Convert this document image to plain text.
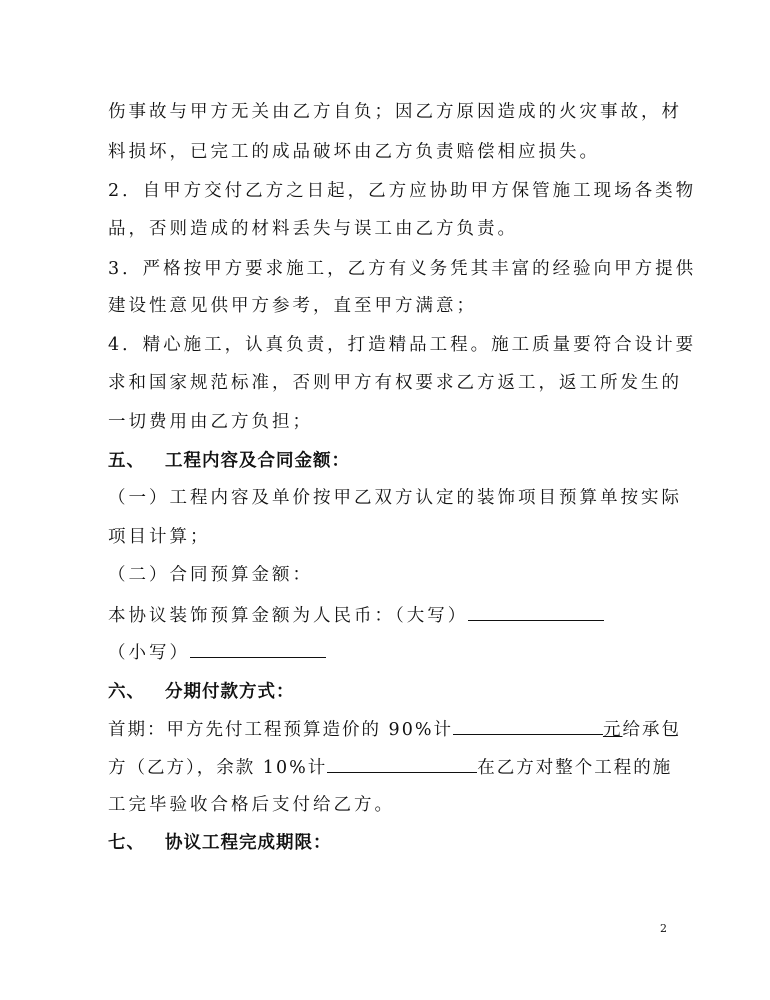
伤事故与甲方无关由乙方自负；因乙方原因造成的火灾事故，材

料损坏，已完工的成品破坏由乙方负责赔偿相应损失。

2．自甲方交付乙方之日起，乙方应协助甲方保管施工现场各类物

品，否则造成的材料丢失与误工由乙方负责。

3．严格按甲方要求施工，乙方有义务凭其丰富的经验向甲方提供

建设性意见供甲方参考，直至甲方满意；

4．精心施工，认真负责，打造精品工程。施工质量要符合设计要

求和国家规范标准，否则甲方有权要求乙方返工，返工所发生的

一切费用由乙方负担；

五、 工程内容及合同金额：

（一）工程内容及单价按甲乙双方认定的装饰项目预算单按实际

项目计算；

（二）合同预算金额：

本协议装饰预算金额为人民币：（大写）

（小写）

六、 分期付款方式：

首期：甲方先付工程预算造价的 90%计	元给承包

方（乙方），余款 10%计	在乙方对整个工程的施

工完毕验收合格后支付给乙方。

七、 协议工程完成期限：

2
